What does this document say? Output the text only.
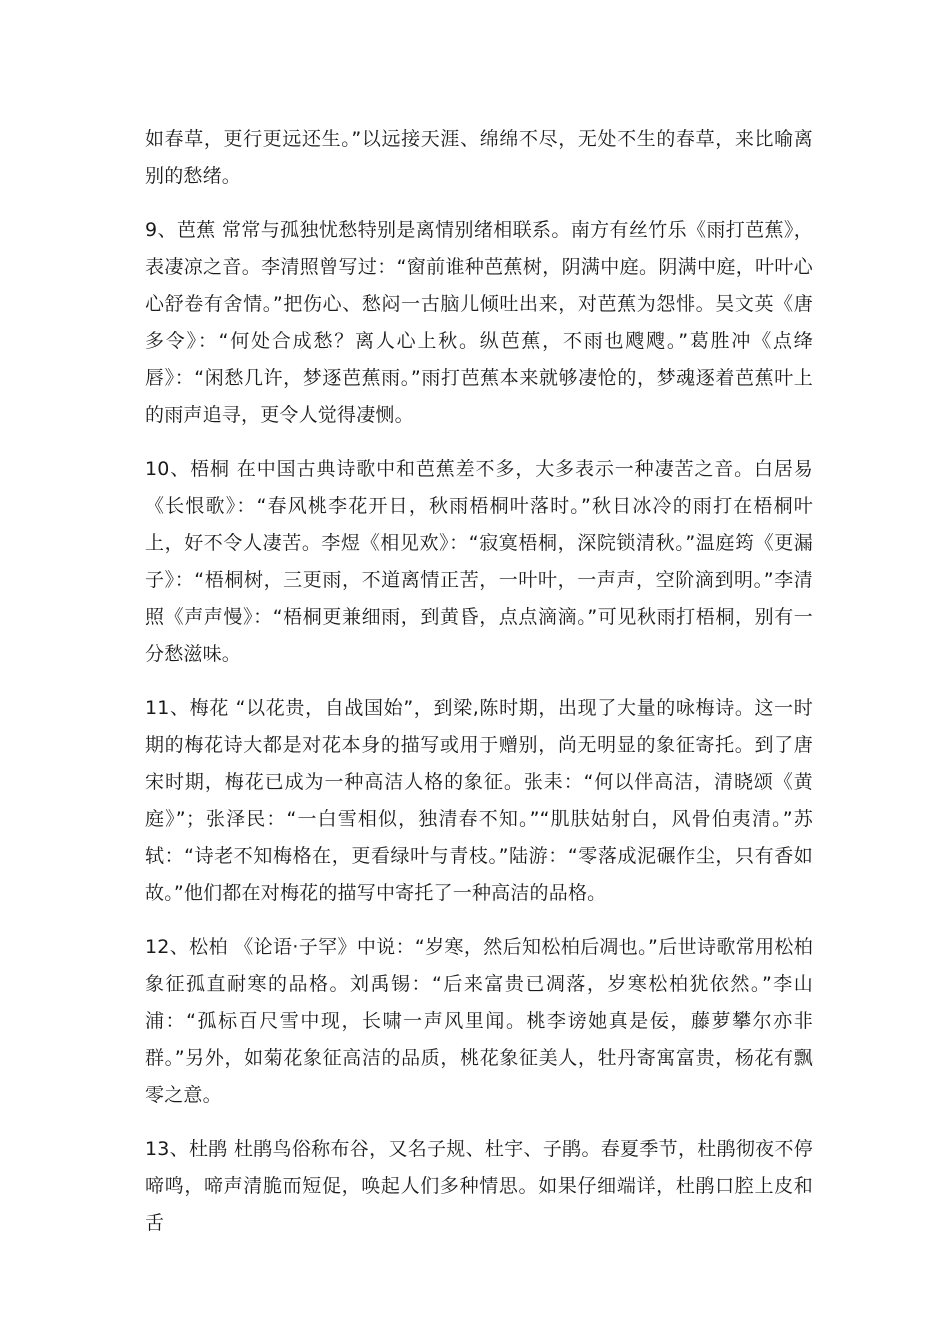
如春草，更行更远还生。”以远接天涯、绵绵不尽，无处不生的春草，来比喻离别的愁绪。

9、芭蕉 常常与孤独忧愁特别是离情别绪相联系。南方有丝竹乐《雨打芭蕉》，表凄凉之音。李清照曾写过：“窗前谁种芭蕉树，阴满中庭。阴满中庭，叶叶心心舒卷有舍情。”把伤心、愁闷一古脑儿倾吐出来，对芭蕉为怨悱。吴文英《唐多令》：“何处合成愁？离人心上秋。纵芭蕉，不雨也飕飕。”葛胜冲《点绛唇》：“闲愁几许，梦逐芭蕉雨。”雨打芭蕉本来就够凄怆的，梦魂逐着芭蕉叶上的雨声追寻，更令人觉得凄恻。

10、梧桐 在中国古典诗歌中和芭蕉差不多，大多表示一种凄苦之音。白居易《长恨歌》：“春风桃李花开日，秋雨梧桐叶落时。”秋日冰冷的雨打在梧桐叶上，好不令人凄苦。李煜《相见欢》：“寂寞梧桐，深院锁清秋。”温庭筠《更漏子》：“梧桐树，三更雨，不道离情正苦，一叶叶，一声声，空阶滴到明。”李清照《声声慢》：“梧桐更兼细雨，到黄昏，点点滴滴。”可见秋雨打梧桐，别有一分愁滋味。

11、梅花 “以花贵，自战国始”，到梁,陈时期，出现了大量的咏梅诗。这一时期的梅花诗大都是对花本身的描写或用于赠别，尚无明显的象征寄托。到了唐宋时期，梅花已成为一种高洁人格的象征。张耒：“何以伴高洁，清晓颂《黄庭》”；张泽民：“一白雪相似，独清春不知。”“肌肤姑射白，风骨伯夷清。”苏轼：“诗老不知梅格在，更看绿叶与青枝。”陆游：“零落成泥碾作尘，只有香如故。”他们都在对梅花的描写中寄托了一种高洁的品格。

12、松柏 《论语·子罕》中说：“岁寒，然后知松柏后凋也。”后世诗歌常用松柏象征孤直耐寒的品格。刘禹锡：“后来富贵已凋落，岁寒松柏犹依然。”李山浦：“孤标百尺雪中现，长啸一声风里闻。桃李谤她真是佞，藤萝攀尔亦非群。”另外，如菊花象征高洁的品质，桃花象征美人，牡丹寄寓富贵，杨花有飘零之意。

13、杜鹃 杜鹃鸟俗称布谷，又名子规、杜宇、子鹃。春夏季节，杜鹃彻夜不停啼鸣，啼声清脆而短促，唤起人们多种情思。如果仔细端详，杜鹃口腔上皮和舌
